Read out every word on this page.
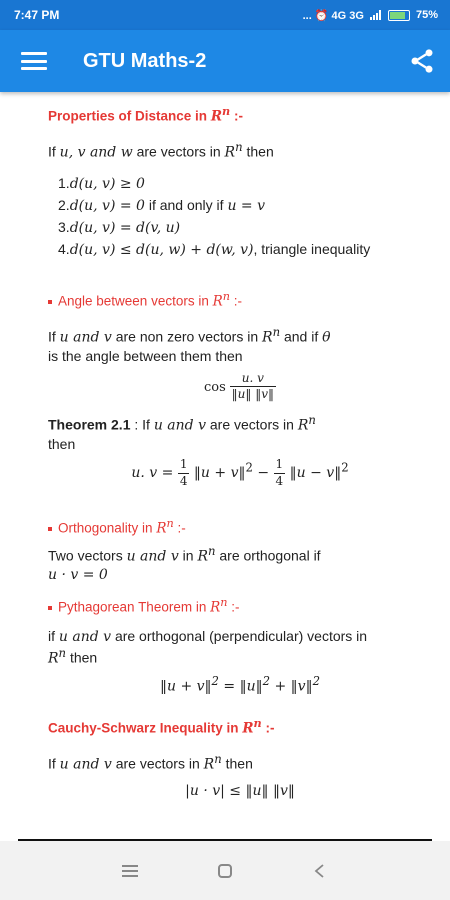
7:47 PM	... ⏰ 4G 3G	75%
GTU Maths-2
Properties of Distance in $R^n$ :-
If u, v and w are vectors in $R^n$ then
1.d(u, v) ≥ 0
2.d(u, v) = 0 if and only if u = v
3.d(u, v) = d(v, u)
4.d(u, v) ≤ d(u, w) + d(w, v), triangle inequality
Angle between vectors in $R^n$ :-
If u and v are non zero vectors in $R^n$ and if θ
is the angle between them then
$\cos \frac{u. v}{‖u‖ ‖v‖}$
Theorem 2.1 : If u and v are vectors in $R^n$
then
u. $v = \frac{1}{4}$ ‖u + v‖$^2$ − $\frac{1}{4}$ ‖u − v‖$^2$
Orthogonality in $R^n$ :-
Two vectors u and v in $R^n$ are orthogonal if
u · v = 0
Pythagorean Theorem in $R^n$ :-
if u and v are orthogonal (perpendicular) vectors in
$R^n$ then
‖u + v‖$^2$ = ‖u‖$^2$ + ‖v‖$^2$
Cauchy-Schwarz Inequality in $R^n$ :-
If u and v are vectors in $R^n$ then
|u · v| ≤ ‖u‖ ‖v‖
